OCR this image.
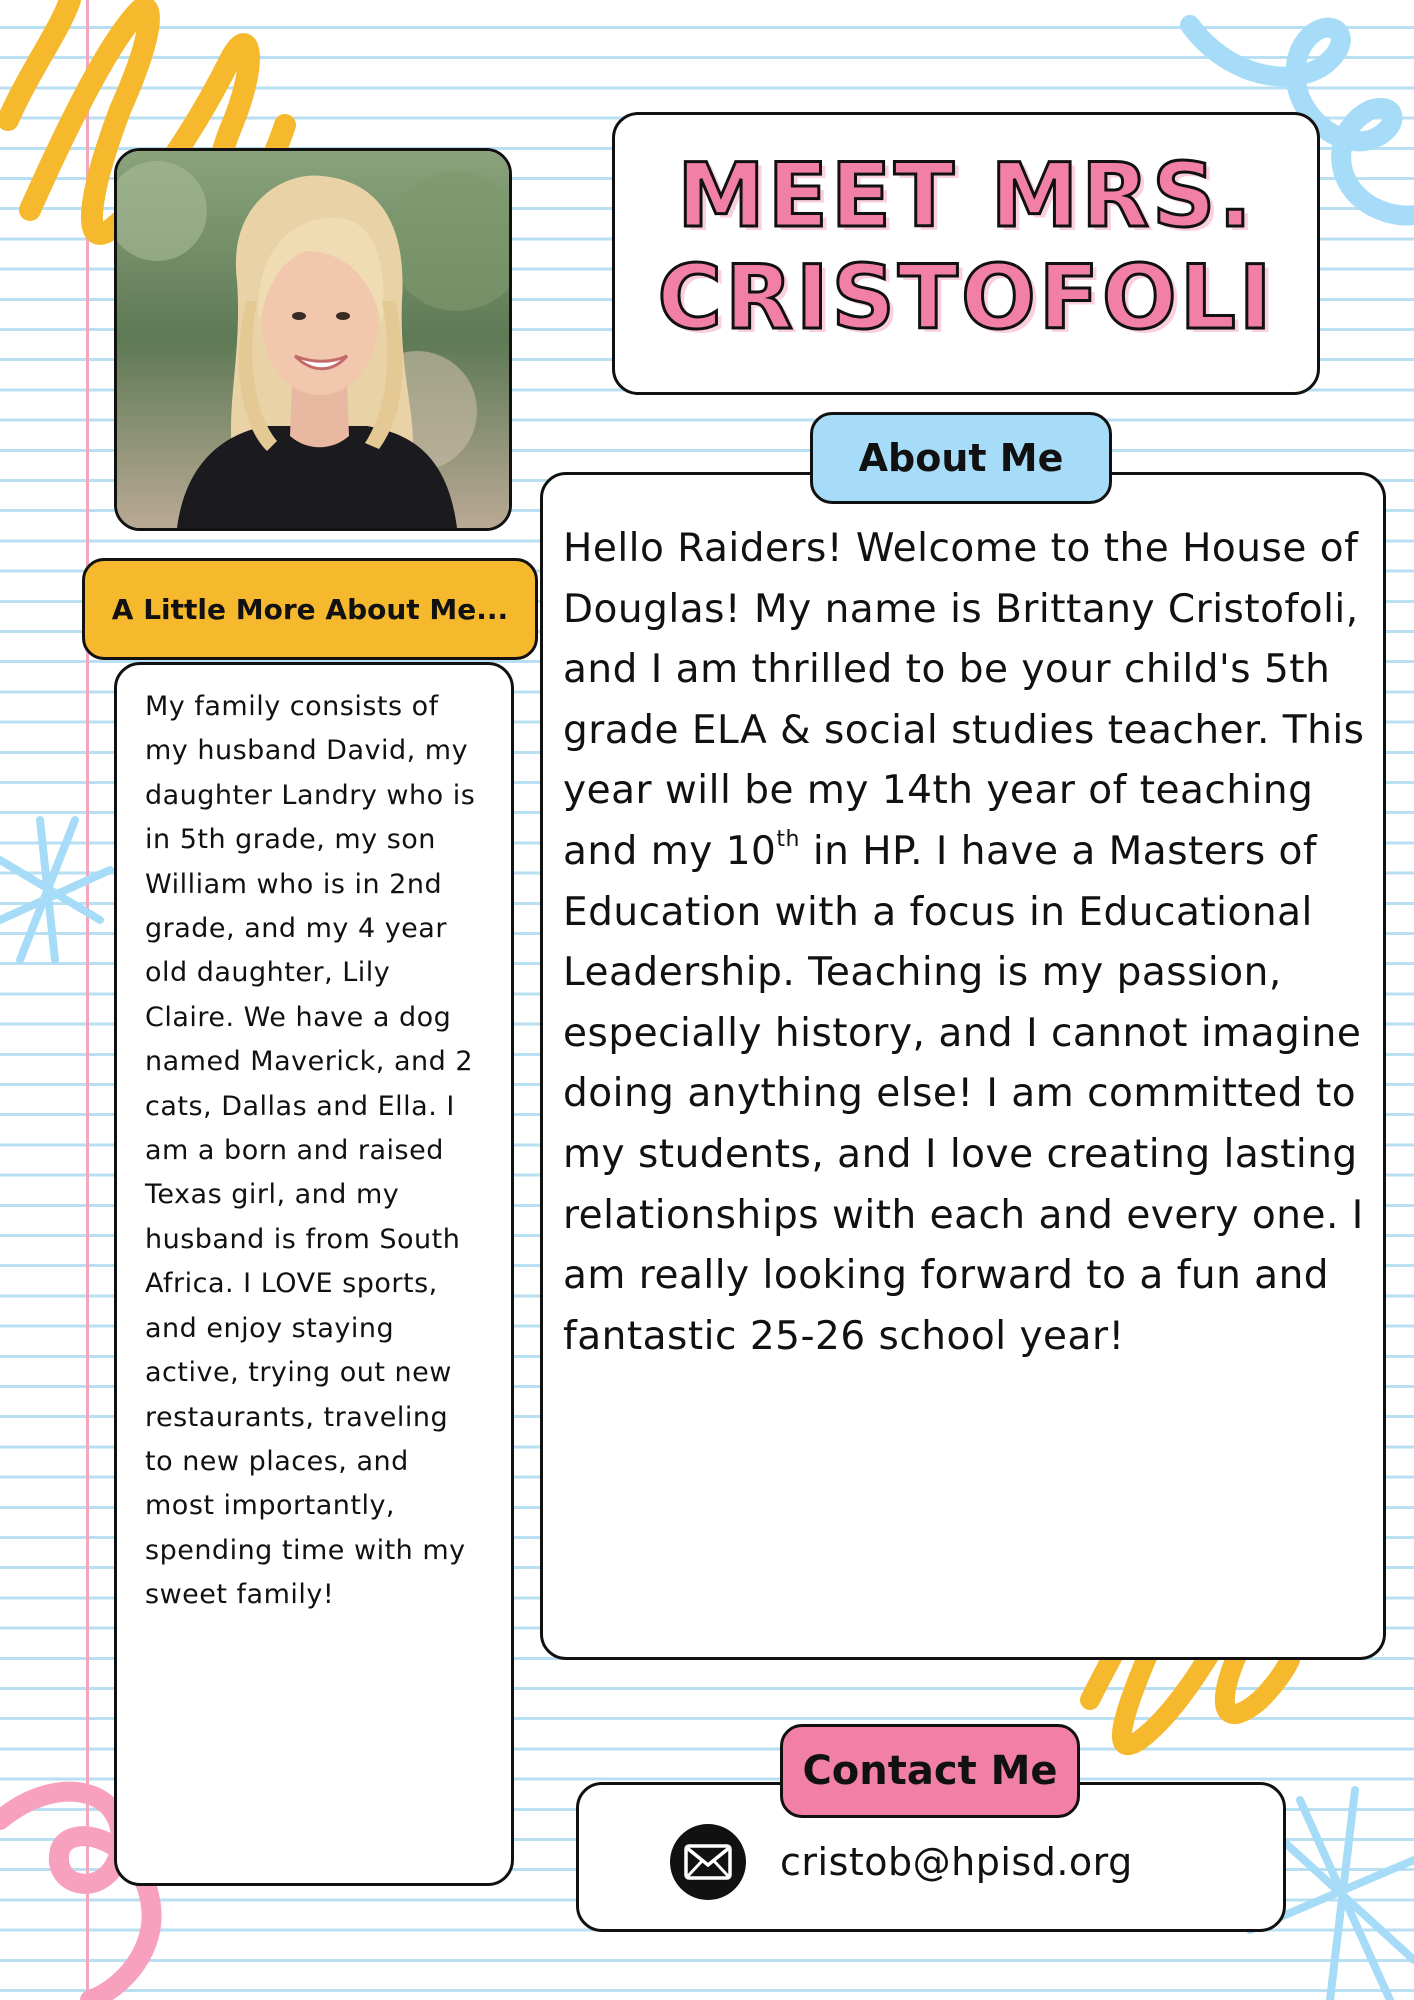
MEET MRS.
CRISTOFOLI
Hello Raiders! Welcome to the House of Douglas! My name is Brittany Cristofoli, and I am thrilled to be your child's 5th grade ELA & social studies teacher. This year will be my 14th year of teaching and my 10th in HP. I have a Masters of Education with a focus in Educational Leadership. Teaching is my passion, especially history, and I cannot imagine doing anything else! I am committed to my students, and I love creating lasting relationships with each and every one. I am really looking forward to a fun and fantastic 25-26 school year!
About Me
My family consists of my husband David, my daughter Landry who is in 5th grade, my son William who is in 2nd grade, and my 4 year old daughter, Lily Claire. We have a dog named Maverick, and 2 cats, Dallas and Ella. I am a born and raised Texas girl, and my husband is from South Africa. I LOVE sports, and enjoy staying active, trying out new restaurants, traveling to new places, and most importantly, spending time with my sweet family!
A Little More About Me...
Contact Me
cristob@hpisd.org
